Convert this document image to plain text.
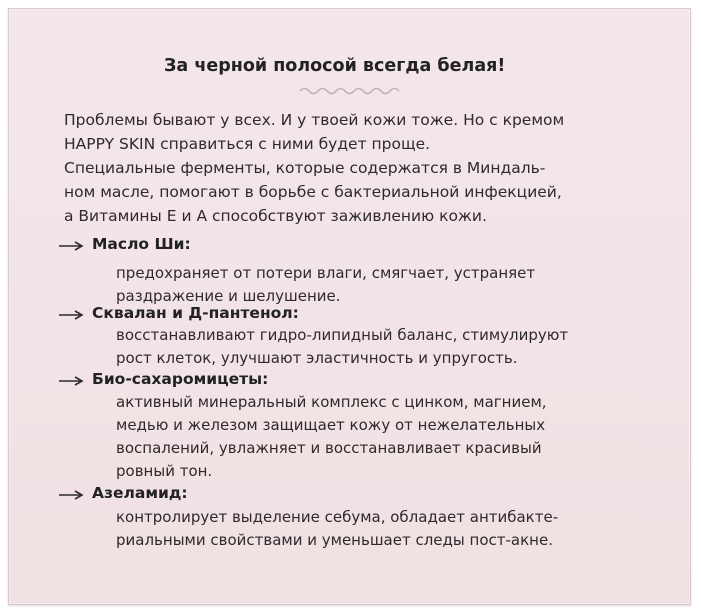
За черной полосой всегда белая!
Проблемы бывают у всех. И у твоей кожи тоже. Но с кремом
HAPPY SKIN справиться с ними будет проще.
Специальные ферменты, которые содержатся в Миндаль-
ном масле, помогают в борьбе с бактериальной инфекцией,
а Витамины Е и А способствуют заживлению кожи.
Масло Ши:
предохраняет от потери влаги, смягчает, устраняет
раздражение и шелушение.
Сквалан и Д-пантенол:
восстанавливают гидро-липидный баланс, стимулируют
рост клеток, улучшают эластичность и упругость.
Био-сахаромицеты:
активный минеральный комплекс с цинком, магнием,
медью и железом защищает кожу от нежелательных
воспалений, увлажняет и восстанавливает красивый
ровный тон.
Азеламид:
контролирует выделение себума, обладает антибакте-
риальными свойствами и уменьшает следы пост-акне.
